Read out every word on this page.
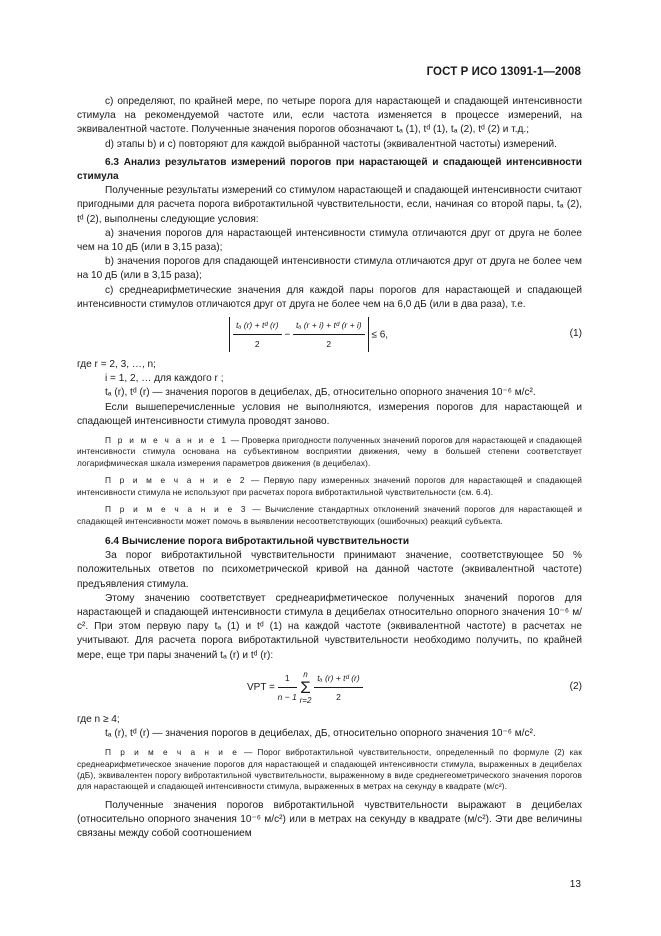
ГОСТ Р ИСО 13091-1—2008

c) определяют, по крайней мере, по четыре порога для нарастающей и спадающей интенсивности стимула на рекомендуемой частоте или, если частота изменяется в процессе измерений, на эквивалентной частоте. Полученные значения порогов обозначают tₐ (1), tᵈ (1), tₐ (2), tᵈ (2) и т.д.;

d) этапы b) и c) повторяют для каждой выбранной частоты (эквивалентной частоты) измерений.

6.3 Анализ результатов измерений порогов при нарастающей и спадающей интенсивности стимула

Полученные результаты измерений со стимулом нарастающей и спадающей интенсивности считают пригодными для расчета порога вибротактильной чувствительности, если, начиная со второй пары, tₐ (2), tᵈ (2), выполнены следующие условия:

a) значения порогов для нарастающей интенсивности стимула отличаются друг от друга не более чем на 10 дБ (или в 3,15 раза);

b) значения порогов для спадающей интенсивности стимула отличаются друг от друга не более чем на 10 дБ (или в 3,15 раза);

c) среднеарифметические значения для каждой пары порогов для нарастающей и спадающей интенсивности стимулов отличаются друг от друга не более чем на 6,0 дБ (или в два раза), т.е.

$\frac{\text{tₐ (r) + tᵈ (r)}}{2} - \frac{\text{tₐ (r + i) + tᵈ (r + i)}}{2} \le 6$,	(1)

где r = 2, 3, …, n;

i = 1, 2, … для каждого r ;

tₐ (r), tᵈ (r) — значения порогов в децибелах, дБ, относительно опорного значения 10⁻⁶ м/с².

Если вышеперечисленные условия не выполняются, измерения порогов для нарастающей и спадающей интенсивности стимула проводят заново.

П р и м е ч а н и е 1 — Проверка пригодности полученных значений порогов для нарастающей и спадающей интенсивности стимула основана на субъективном восприятии движения, чему в большей степени соответствует логарифмическая шкала измерения параметров движения (в децибелах).

П р и м е ч а н и е 2 — Первую пару измеренных значений порогов для нарастающей и спадающей интенсивности стимула не используют при расчетах порога вибротактильной чувствительности (см. 6.4).

П р и м е ч а н и е 3 — Вычисление стандартных отклонений значений порогов для нарастающей и спадающей интенсивности может помочь в выявлении несоответствующих (ошибочных) реакций субъекта.

6.4 Вычисление порога вибротактильной чувствительности

За порог вибротактильной чувствительности принимают значение, соответствующее 50 % положительных ответов по психометрической кривой на данной частоте (эквивалентной частоте) предъявления стимула.

Этому значению соответствует среднеарифметическое полученных значений порогов для нарастающей и спадающей интенсивности стимула в децибелах относительно опорного значения 10⁻⁶ м/с². При этом первую пару tₐ (1) и tᵈ (1) на каждой частоте (эквивалентной частоте) в расчетах не учитывают. Для расчета порога вибротактильной чувствительности необходимо получить, по крайней мере, еще три пары значений tₐ (r) и tᵈ (r):

VPT = $\frac{1}{n - 1}$
n
Σ
r=2
$\frac{\text{tₐ (r) + tᵈ (r)}}{2}$	(2)

где n ≥ 4;

tₐ (r), tᵈ (r) — значения порогов в децибелах, дБ, относительно опорного значения 10⁻⁶ м/с².

П р и м е ч а н и е — Порог вибротактильной чувствительности, определенный по формуле (2) как среднеарифметическое значение порогов для нарастающей и спадающей интенсивности стимула, выраженных в децибелах (дБ), эквивалентен порогу вибротактильной чувствительности, выраженному в виде среднегеометрического значения порогов для нарастающей и спадающей интенсивности стимула, выраженных в метрах на секунду в квадрате (м/с²).

Полученные значения порогов вибротактильной чувствительности выражают в децибелах (относительно опорного значения 10⁻⁶ м/с²) или в метрах на секунду в квадрате (м/с²). Эти две величины связаны между собой соотношением

13
